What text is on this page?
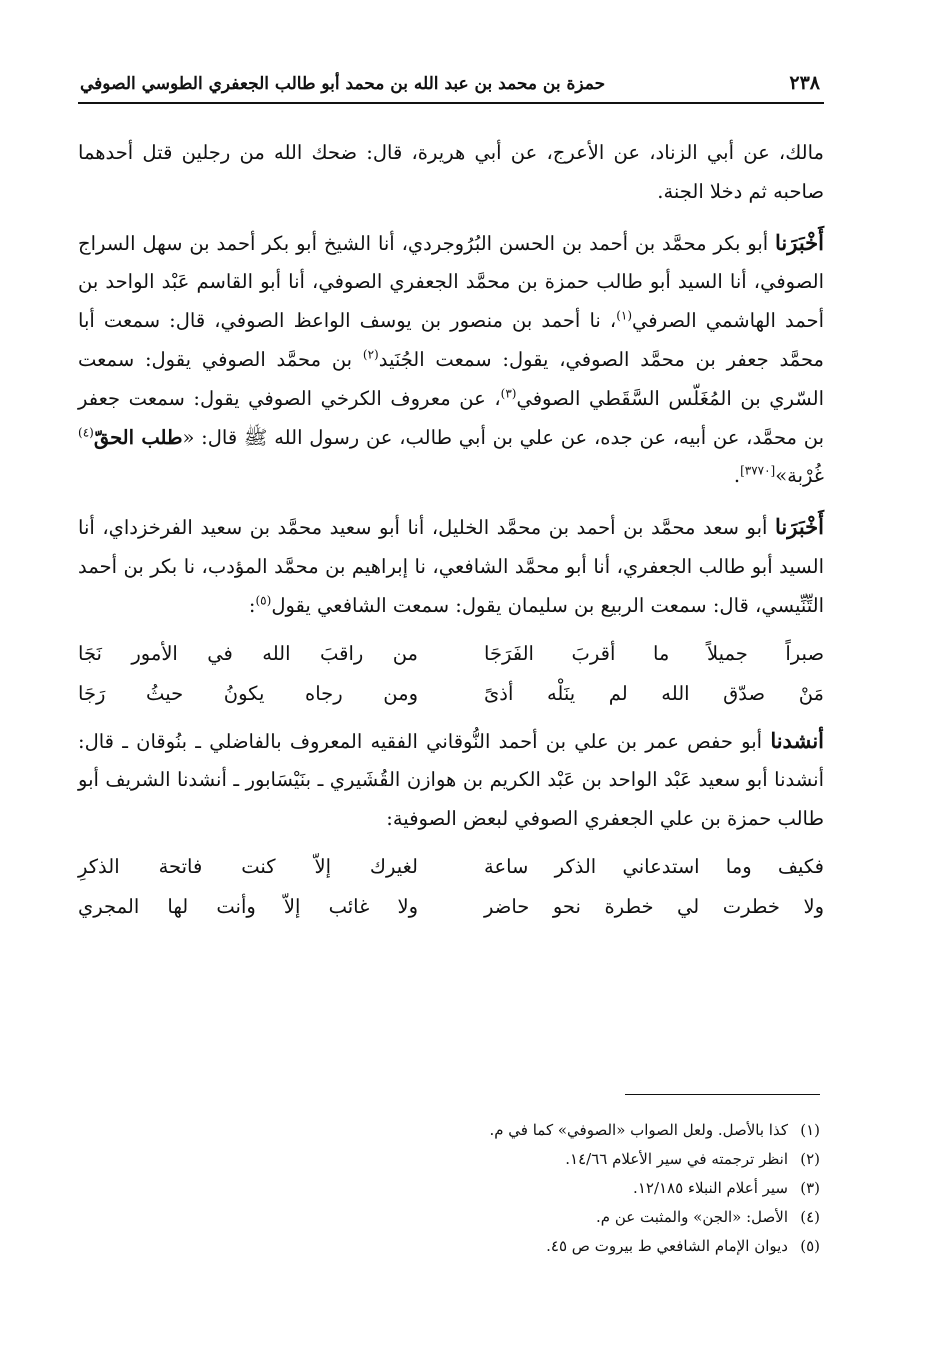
٢٣٨
حمزة بن محمد بن عبد الله بن محمد أبو طالب الجعفري الطوسي الصوفي

مالك، عن أبي الزناد، عن الأعرج، عن أبي هريرة، قال: ضحك الله من رجلين قتل أحدهما صاحبه ثم دخلا الجنة.

أَخْبَرَنا أبو بكر محمَّد بن أحمد بن الحسن البُرُوجردي، أنا الشيخ أبو بكر أحمد بن سهل السراج الصوفي، أنا السيد أبو طالب حمزة بن محمَّد الجعفري الصوفي، أنا أبو القاسم عَبْد الواحد بن أحمد الهاشمي الصرفي$^{(١)}$، نا أحمد بن منصور بن يوسف الواعظ الصوفي، قال: سمعت أبا محمَّد جعفر بن محمَّد الصوفي، يقول: سمعت الجُنَيد$^{(٢)}$ بن محمَّد الصوفي يقول: سمعت السّري بن المُغَلّس السَّقَطي الصوفي$^{(٣)}$، عن معروف الكرخي الصوفي يقول: سمعت جعفر بن محمَّد، عن أبيه، عن جده، عن علي بن أبي طالب، عن رسول الله ﷺ قال: «طلب الحقّ$^{(٤)}$ غُرْبة»[٣٧٧٠].

أَخْبَرَنا أبو سعد محمَّد بن أحمد بن محمَّد الخليل، أنا أبو سعيد محمَّد بن سعيد الفرخزداي، أنا السيد أبو طالب الجعفري، أنا أبو محمَّد الشافعي، نا إبراهيم بن محمَّد المؤدب، نا بكر بن أحمد التِّنِّيسي، قال: سمعت الربيع بن سليمان يقول: سمعت الشافعي يقول$^{(٥)}$:

صبراً جميلاً ما أقربَ الفَرَجَا
من راقبَ الله في الأمور نَجَا
مَنْ صدّق الله لم ينَلْه أذىً
ومن رجاه يكونُ حيثُ رَجَا

أنشدنا أبو حفص عمر بن علي بن أحمد النُّوقاني الفقيه المعروف بالفاضلي ـ بنُوقان ـ قال: أنشدنا أبو سعيد عَبْد الواحد بن عَبْد الكريم بن هوازن القُشَيري ـ بنَيْسَابور ـ أنشدنا الشريف أبو طالب حمزة بن علي الجعفري الصوفي لبعض الصوفية:

فكيف وما استدعاني الذكر ساعة
لغيرك إلاّ كنت فاتحة الذكرِ
ولا خطرت لي خطرة نحو حاضر
ولا غائب إلاّ وأنت لها المجري

(١)كذا بالأصل. ولعل الصواب «الصوفي» كما في م.

(٢)انظر ترجمته في سير الأعلام ١٤/٦٦.

(٣)سير أعلام النبلاء ١٢/١٨٥.

(٤)الأصل: «الجن» والمثبت عن م.

(٥)ديوان الإمام الشافعي ط بيروت ص ٤٥.
